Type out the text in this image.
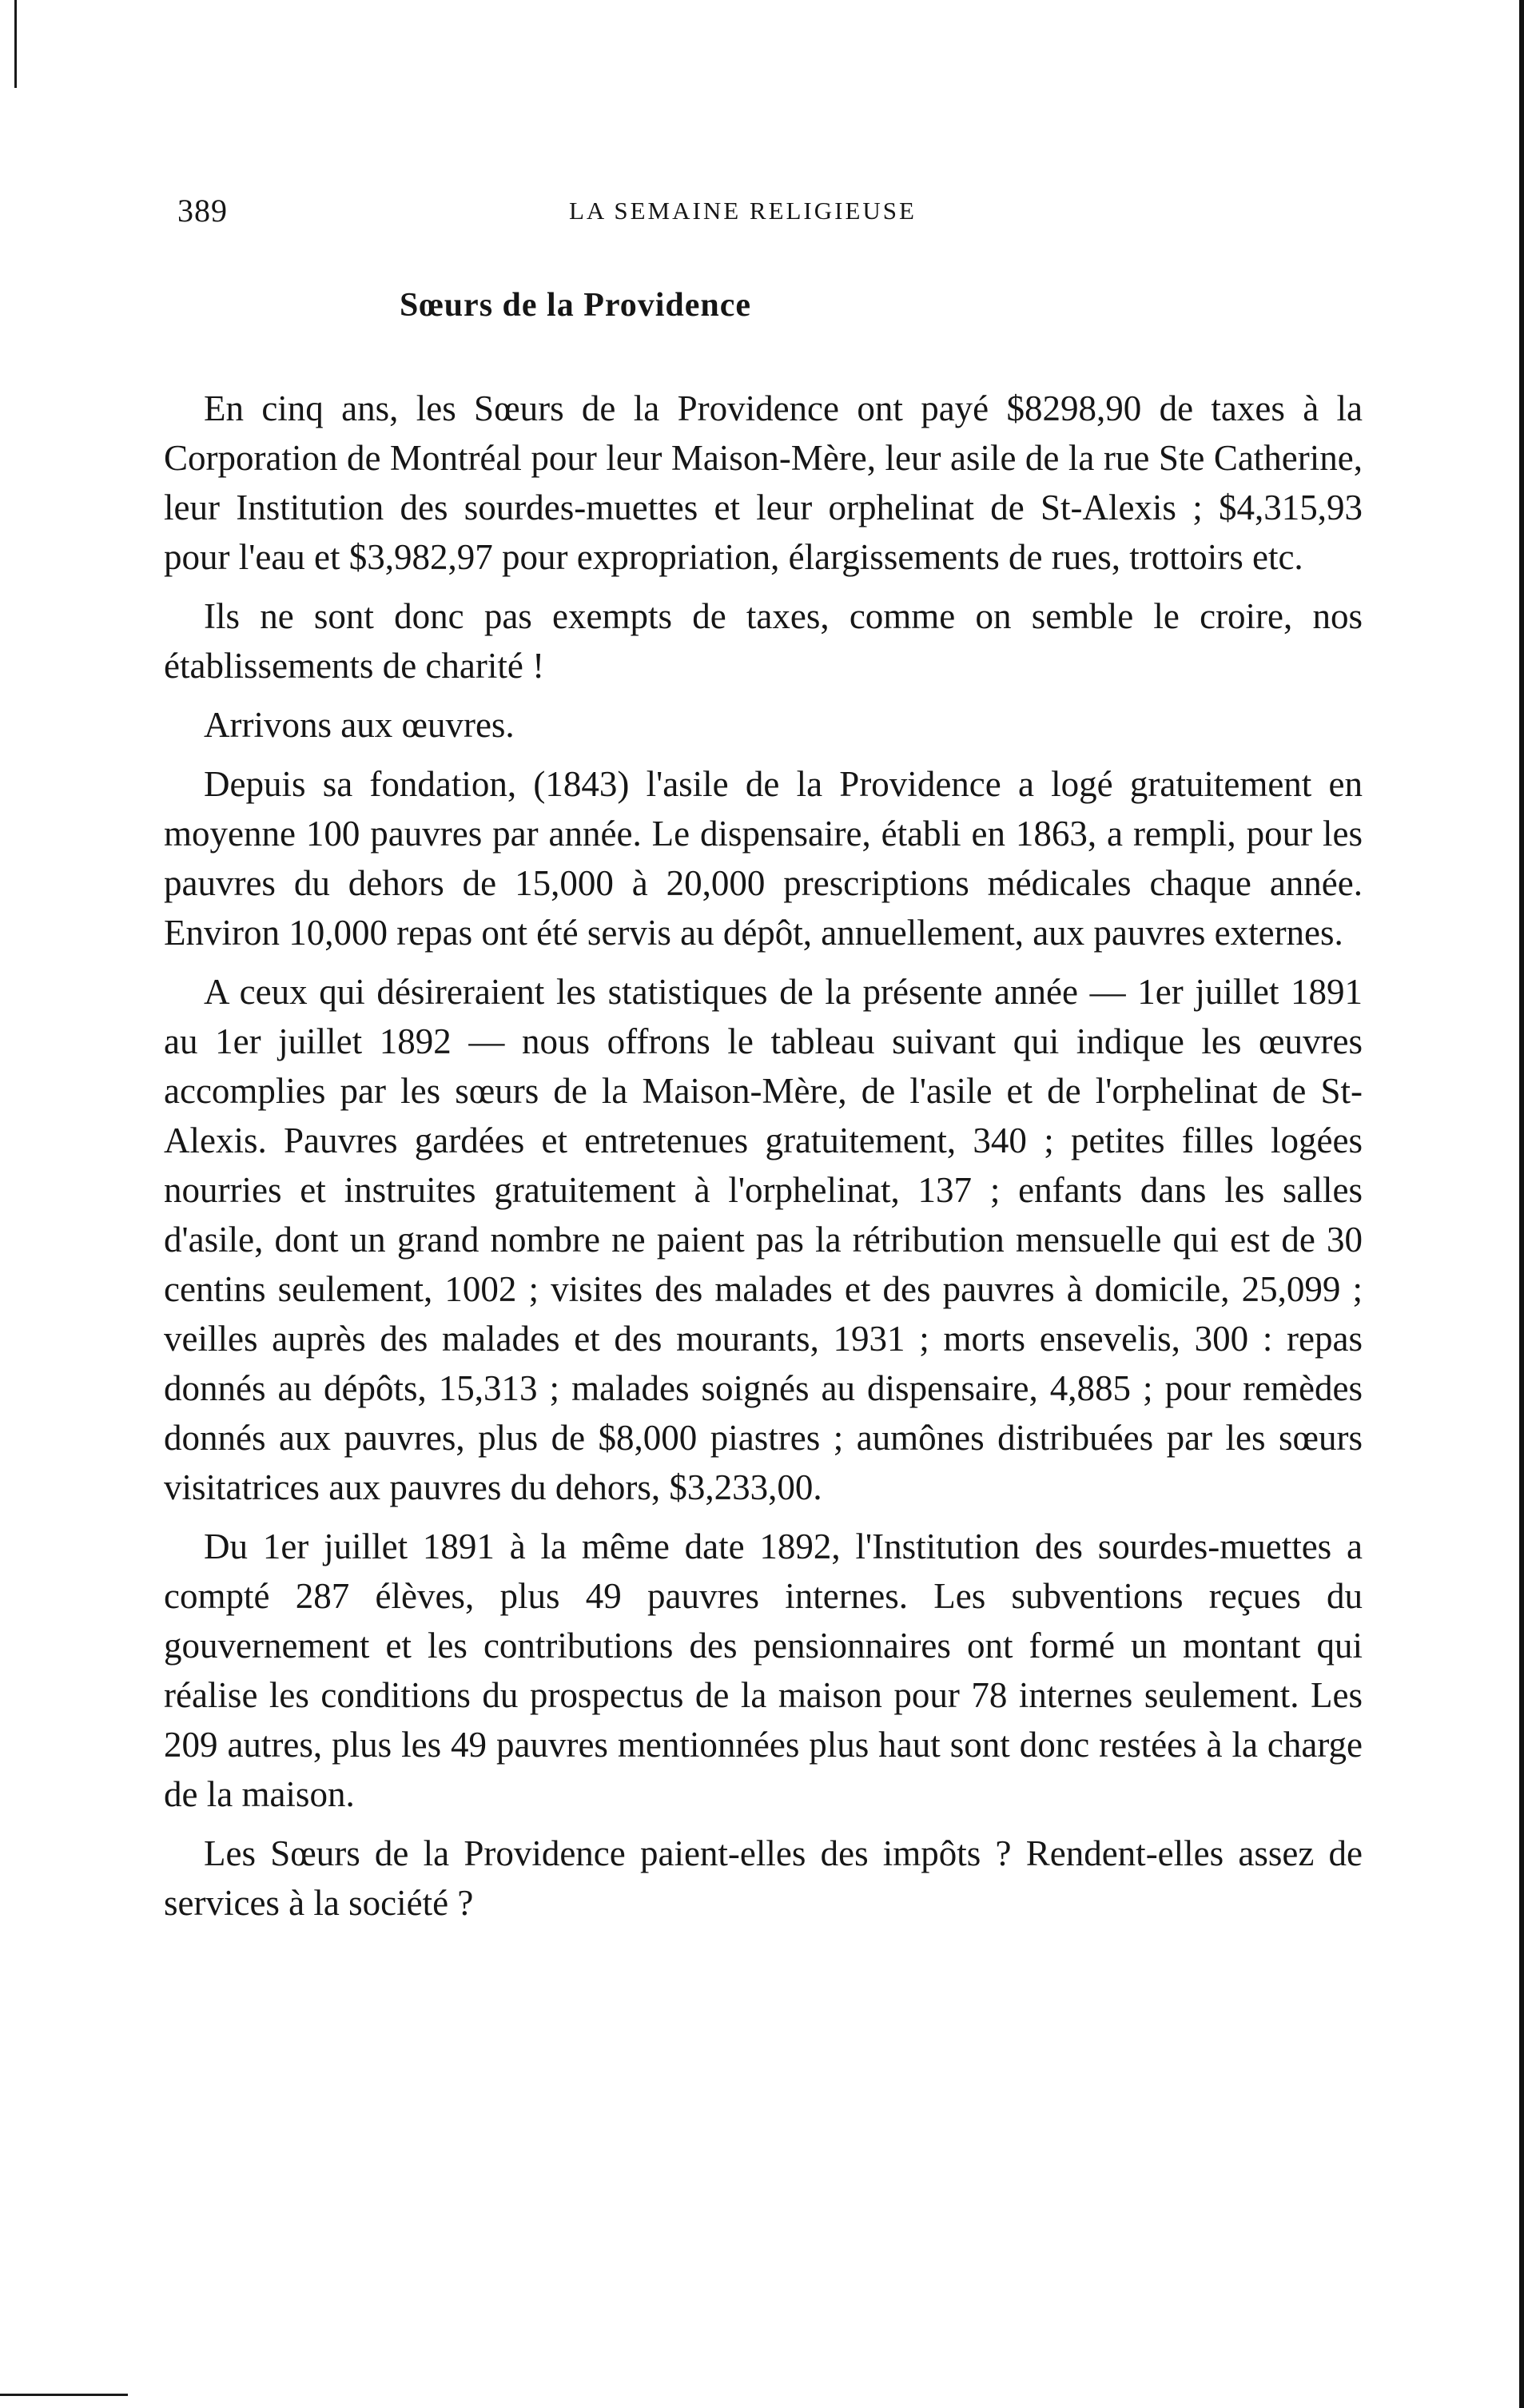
389	LA SEMAINE RELIGIEUSE
Sœurs de la Providence

En cinq ans, les Sœurs de la Providence ont payé $8298,90 de taxes à la Corporation de Montréal pour leur Maison-Mère, leur asile de la rue Ste Catherine, leur Institution des sourdes-muettes et leur orphelinat de St-Alexis ; $4,315,93 pour l'eau et $3,982,97 pour expropriation, élargissements de rues, trottoirs etc.

Ils ne sont donc pas exempts de taxes, comme on semble le croire, nos établissements de charité !

Arrivons aux œuvres.

Depuis sa fondation, (1843) l'asile de la Providence a logé gratuitement en moyenne 100 pauvres par année. Le dispensaire, établi en 1863, a rempli, pour les pauvres du dehors de 15,000 à 20,000 prescriptions médicales chaque année. Environ 10,000 repas ont été servis au dépôt, annuellement, aux pauvres externes.

A ceux qui désireraient les statistiques de la présente année — 1er juillet 1891 au 1er juillet 1892 — nous offrons le tableau suivant qui indique les œuvres accomplies par les sœurs de la Maison-Mère, de l'asile et de l'orphelinat de St-Alexis. Pauvres gardées et entretenues gratuitement, 340 ; petites filles logées nourries et instruites gratuitement à l'orphelinat, 137 ; enfants dans les salles d'asile, dont un grand nombre ne paient pas la rétribution mensuelle qui est de 30 centins seulement, 1002 ; visites des malades et des pauvres à domicile, 25,099 ; veilles auprès des malades et des mourants, 1931 ; morts ensevelis, 300 : repas donnés au dépôts, 15,313 ; malades soignés au dispensaire, 4,885 ; pour remèdes donnés aux pauvres, plus de $8,000 piastres ; aumônes distribuées par les sœurs visitatrices aux pauvres du dehors, $3,233,00.

Du 1er juillet 1891 à la même date 1892, l'Institution des sourdes-muettes a compté 287 élèves, plus 49 pauvres internes. Les subventions reçues du gouvernement et les contributions des pensionnaires ont formé un montant qui réalise les conditions du prospectus de la maison pour 78 internes seulement. Les 209 autres, plus les 49 pauvres mentionnées plus haut sont donc restées à la charge de la maison.

Les Sœurs de la Providence paient-elles des impôts ? Rendent-elles assez de services à la société ?
